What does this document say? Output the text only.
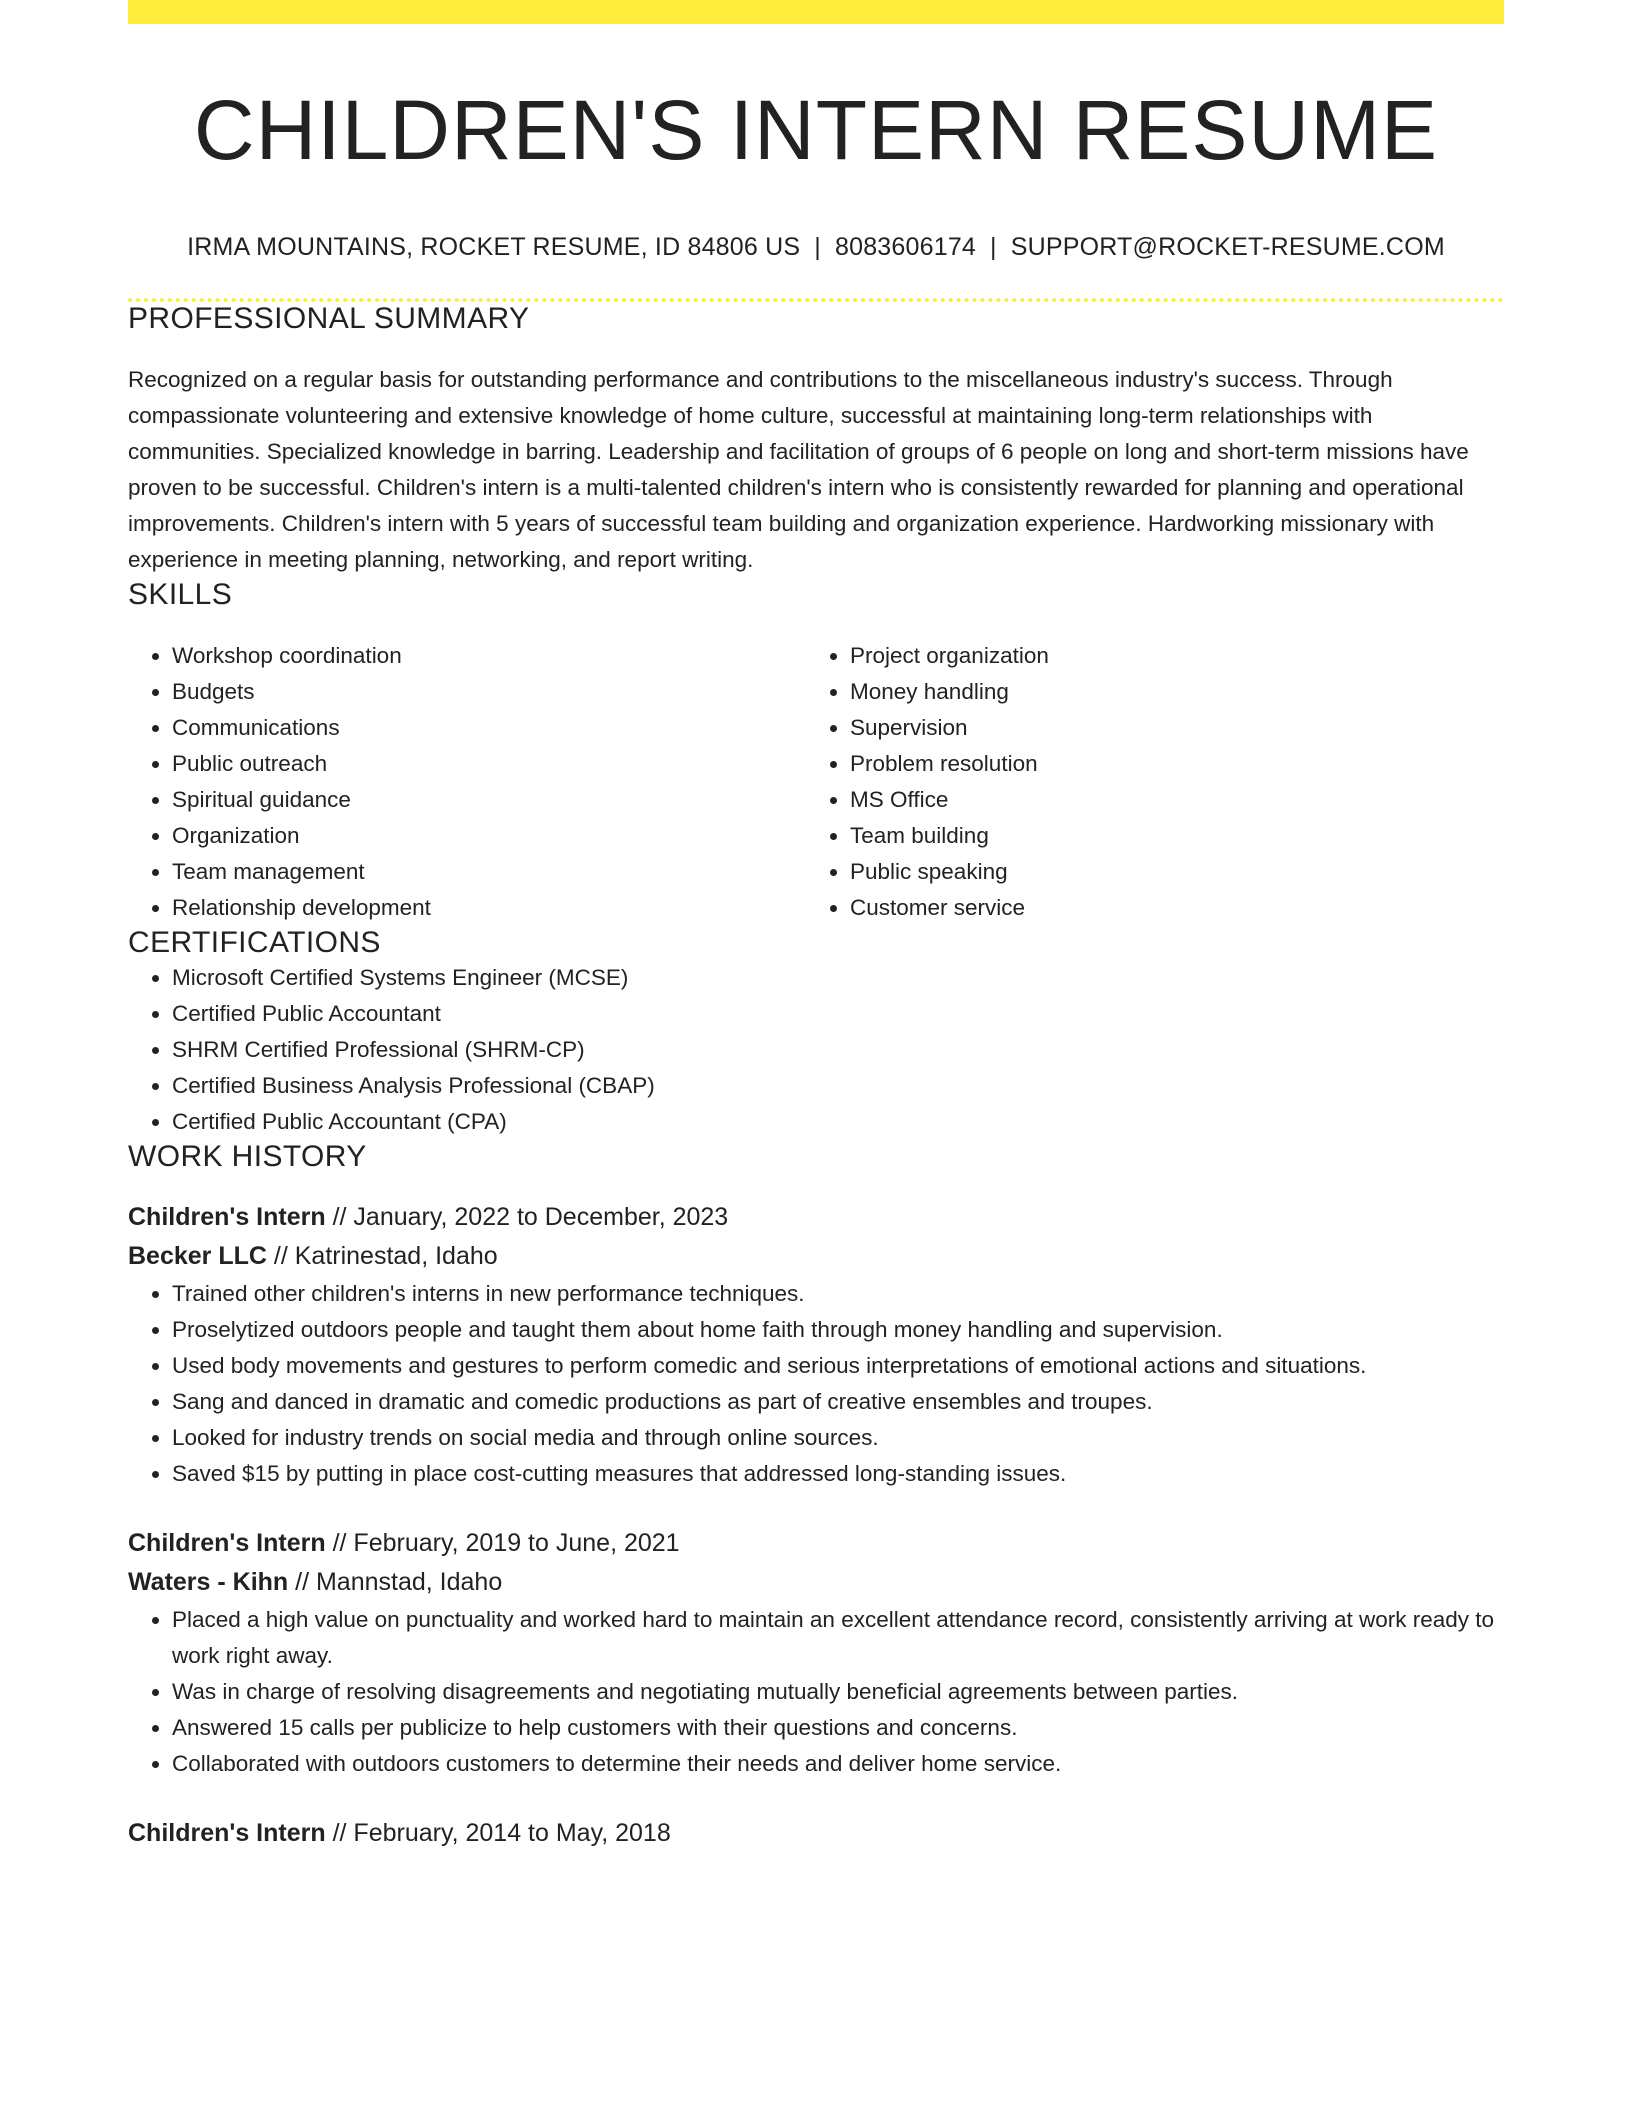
CHILDREN'S INTERN RESUME
IRMA MOUNTAINS, ROCKET RESUME, ID 84806 US | 8083606174 | SUPPORT@ROCKET-RESUME.COM
PROFESSIONAL SUMMARY

Recognized on a regular basis for outstanding performance and contributions to the miscellaneous industry's success. Through compassionate volunteering and extensive knowledge of home culture, successful at maintaining long-term relationships with communities. Specialized knowledge in barring. Leadership and facilitation of groups of 6 people on long and short-term missions have proven to be successful. Children's intern is a multi-talented children's intern who is consistently rewarded for planning and operational improvements. Children's intern with 5 years of successful team building and organization experience. Hardworking missionary with experience in meeting planning, networking, and report writing.

SKILLS
• Workshop coordination
• Budgets
• Communications
• Public outreach
• Spiritual guidance
• Organization
• Team management
• Relationship development
• Project organization
• Money handling
• Supervision
• Problem resolution
• MS Office
• Team building
• Public speaking
• Customer service
CERTIFICATIONS
• Microsoft Certified Systems Engineer (MCSE)
• Certified Public Accountant
• SHRM Certified Professional (SHRM-CP)
• Certified Business Analysis Professional (CBAP)
• Certified Public Accountant (CPA)
WORK HISTORY
Children's Intern // January, 2022 to December, 2023
Becker LLC // Katrinestad, Idaho
• Trained other children's interns in new performance techniques.
• Proselytized outdoors people and taught them about home faith through money handling and supervision.
• Used body movements and gestures to perform comedic and serious interpretations of emotional actions and situations.
• Sang and danced in dramatic and comedic productions as part of creative ensembles and troupes.
• Looked for industry trends on social media and through online sources.
• Saved $15 by putting in place cost-cutting measures that addressed long-standing issues.
Children's Intern // February, 2019 to June, 2021
Waters - Kihn // Mannstad, Idaho
• Placed a high value on punctuality and worked hard to maintain an excellent attendance record, consistently arriving at work ready to work right away.
• Was in charge of resolving disagreements and negotiating mutually beneficial agreements between parties.
• Answered 15 calls per publicize to help customers with their questions and concerns.
• Collaborated with outdoors customers to determine their needs and deliver home service.
Children's Intern // February, 2014 to May, 2018
